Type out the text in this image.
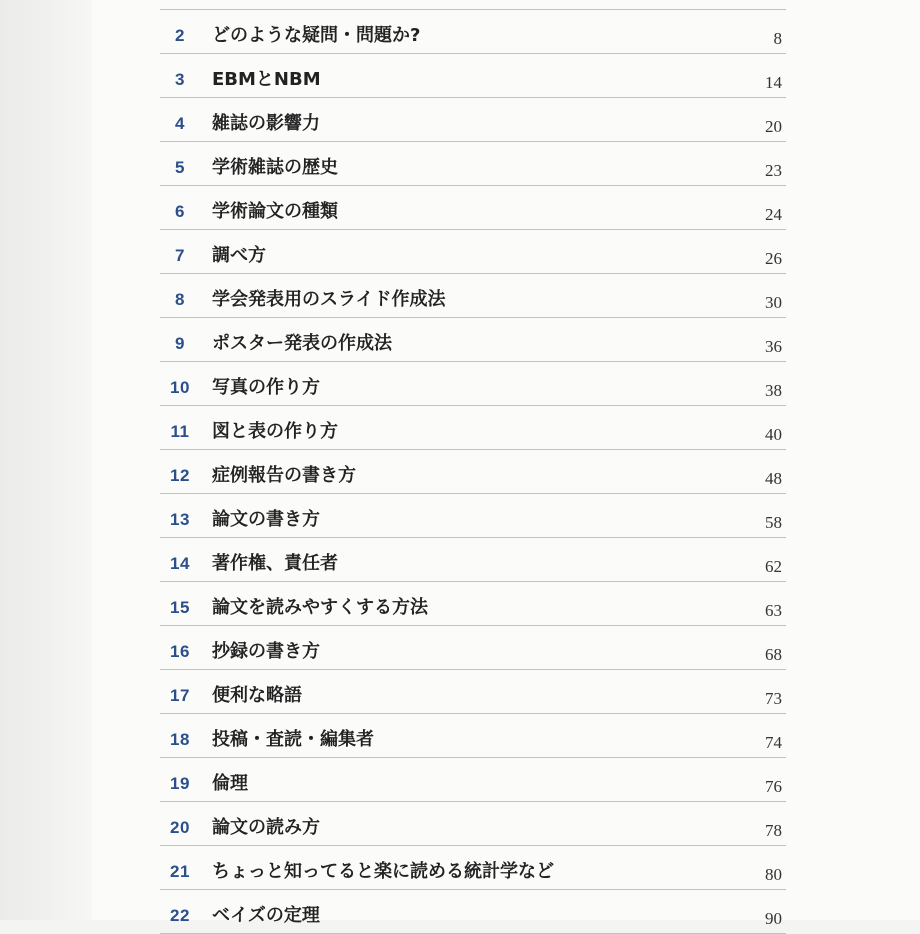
2	どのような疑問・問題か?	8
3	EBMとNBM	14
4	雑誌の影響力	20
5	学術雑誌の歴史	23
6	学術論文の種類	24
7	調べ方	26
8	学会発表用のスライド作成法	30
9	ポスター発表の作成法	36
10	写真の作り方	38
11	図と表の作り方	40
12	症例報告の書き方	48
13	論文の書き方	58
14	著作権、責任者	62
15	論文を読みやすくする方法	63
16	抄録の書き方	68
17	便利な略語	73
18	投稿・査読・編集者	74
19	倫理	76
20	論文の読み方	78
21	ちょっと知ってると楽に読める統計学など	80
22	ベイズの定理	90
